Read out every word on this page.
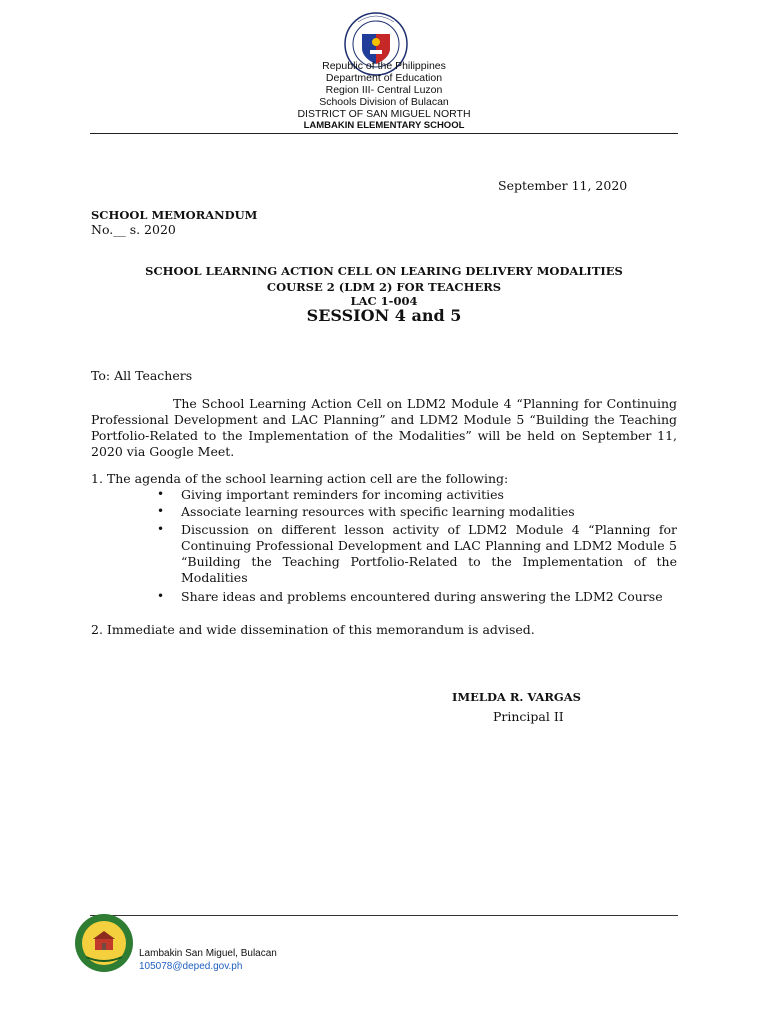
Republic of the Philippines
Department of Education
Region III- Central Luzon
Schools Division of Bulacan
DISTRICT OF SAN MIGUEL NORTH
LAMBAKIN ELEMENTARY SCHOOL
September 11, 2020
SCHOOL MEMORANDUM
No.__ s. 2020
SCHOOL LEARNING ACTION CELL ON LEARING DELIVERY MODALITIES
COURSE 2 (LDM 2) FOR TEACHERS
LAC 1-004
SESSION 4 and 5
To: All Teachers
The School Learning Action Cell on LDM2 Module 4 “Planning for Continuing Professional Development and LAC Planning” and LDM2 Module 5 “Building the Teaching Portfolio-Related to the Implementation of the Modalities” will be held on September 11, 2020 via Google Meet.
1. The agenda of the school learning action cell are the following:
• Giving important reminders for incoming activities
• Associate learning resources with specific learning modalities
• Discussion on different lesson activity of LDM2 Module 4 “Planning for Continuing Professional Development and LAC Planning and LDM2 Module 5 “Building the Teaching Portfolio-Related to the Implementation of the Modalities
• Share ideas and problems encountered during answering the LDM2 Course
2. Immediate and wide dissemination of this memorandum is advised.
IMELDA R. VARGAS
Principal II
Lambakin San Miguel, Bulacan
105078@deped.gov.ph
